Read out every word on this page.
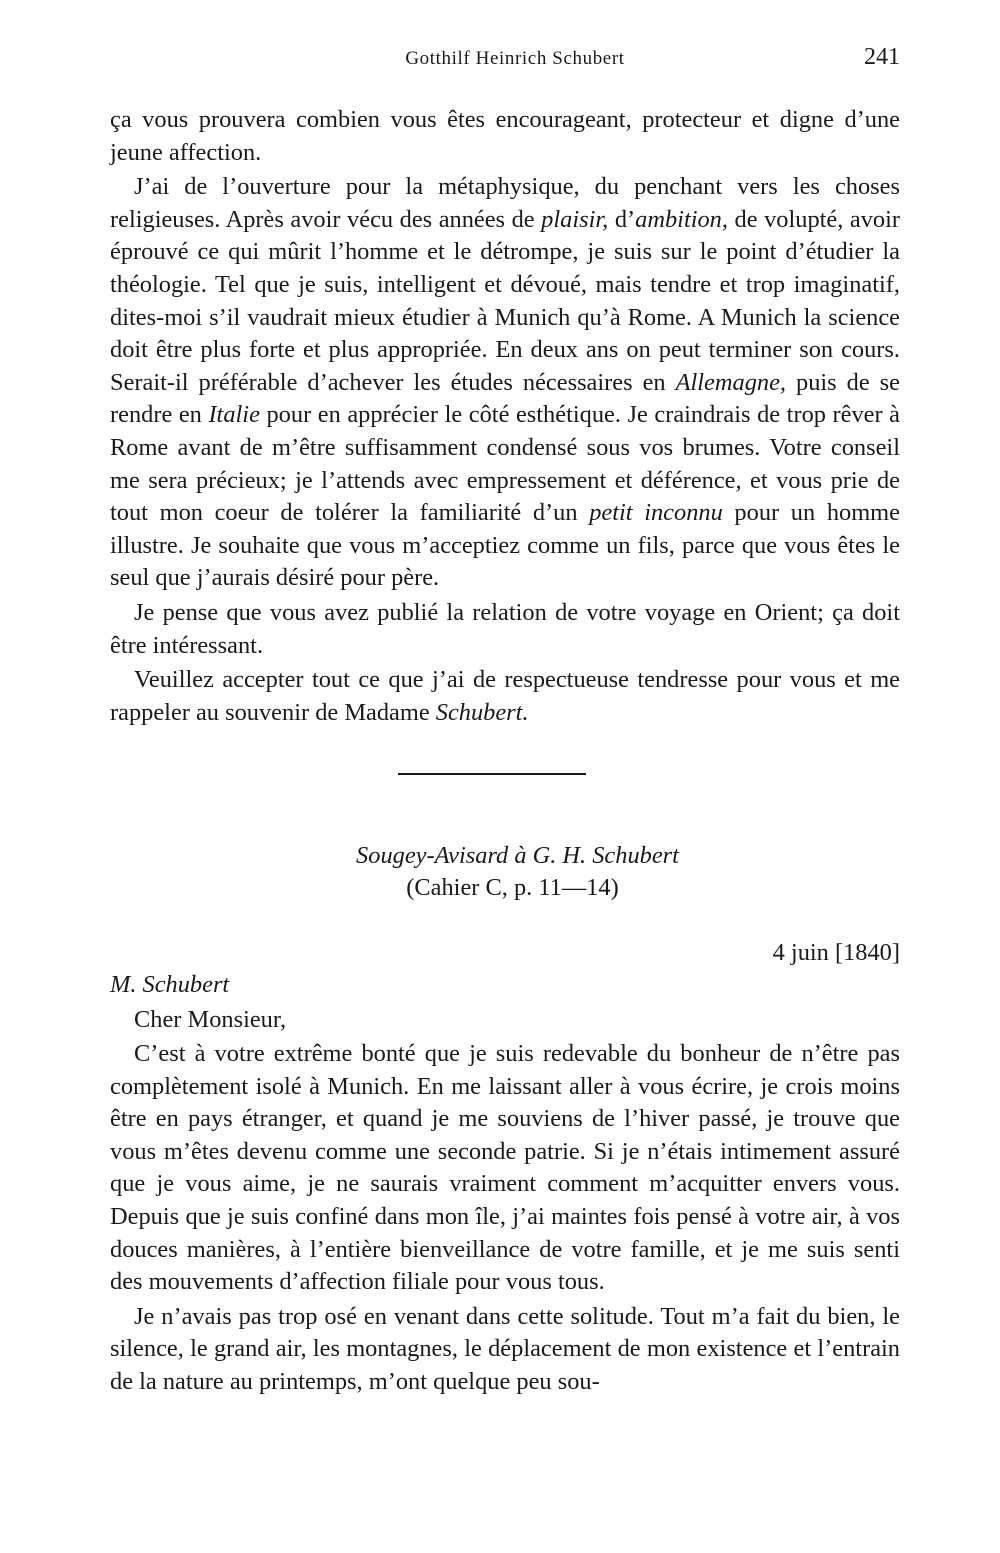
Gotthilf Heinrich Schubert	241

ça vous prouvera combien vous êtes encourageant, protecteur et digne d’une jeune affection.

J’ai de l’ouverture pour la métaphysique, du penchant vers les choses religieuses. Après avoir vécu des années de plaisir, d’ambition, de volupté, avoir éprouvé ce qui mûrit l’homme et le détrompe, je suis sur le point d’étudier la théologie. Tel que je suis, intelligent et dévoué, mais tendre et trop imaginatif, dites-moi s’il vaudrait mieux étudier à Munich qu’à Rome. A Munich la science doit être plus forte et plus appropriée. En deux ans on peut terminer son cours. Serait-il préférable d’achever les études nécessaires en Allemagne, puis de se rendre en Italie pour en apprécier le côté esthétique. Je craindrais de trop rêver à Rome avant de m’être suffisamment condensé sous vos brumes. Votre conseil me sera précieux; je l’attends avec empressement et déférence, et vous prie de tout mon coeur de tolérer la familiarité d’un petit inconnu pour un homme illustre. Je souhaite que vous m’acceptiez comme un fils, parce que vous êtes le seul que j’aurais désiré pour père.

Je pense que vous avez publié la relation de votre voyage en Orient; ça doit être intéressant.

Veuillez accepter tout ce que j’ai de respectueuse tendresse pour vous et me rappeler au souvenir de Madame Schubert.

Sougey-Avisard à G. H. Schubert
(Cahier C, p. 11—14)
4 juin [1840]
M. Schubert
Cher Monsieur,

C’est à votre extrême bonté que je suis redevable du bonheur de n’être pas complètement isolé à Munich. En me laissant aller à vous écrire, je crois moins être en pays étranger, et quand je me souviens de l’hiver passé, je trouve que vous m’êtes devenu comme une seconde patrie. Si je n’étais intimement assuré que je vous aime, je ne saurais vraiment comment m’acquitter envers vous. Depuis que je suis confiné dans mon île, j’ai maintes fois pensé à votre air, à vos douces manières, à l’entière bienveillance de votre famille, et je me suis senti des mouvements d’affection filiale pour vous tous.

Je n’avais pas trop osé en venant dans cette solitude. Tout m’a fait du bien, le silence, le grand air, les montagnes, le déplacement de mon existence et l’entrain de la nature au printemps, m’ont quelque peu sou-
